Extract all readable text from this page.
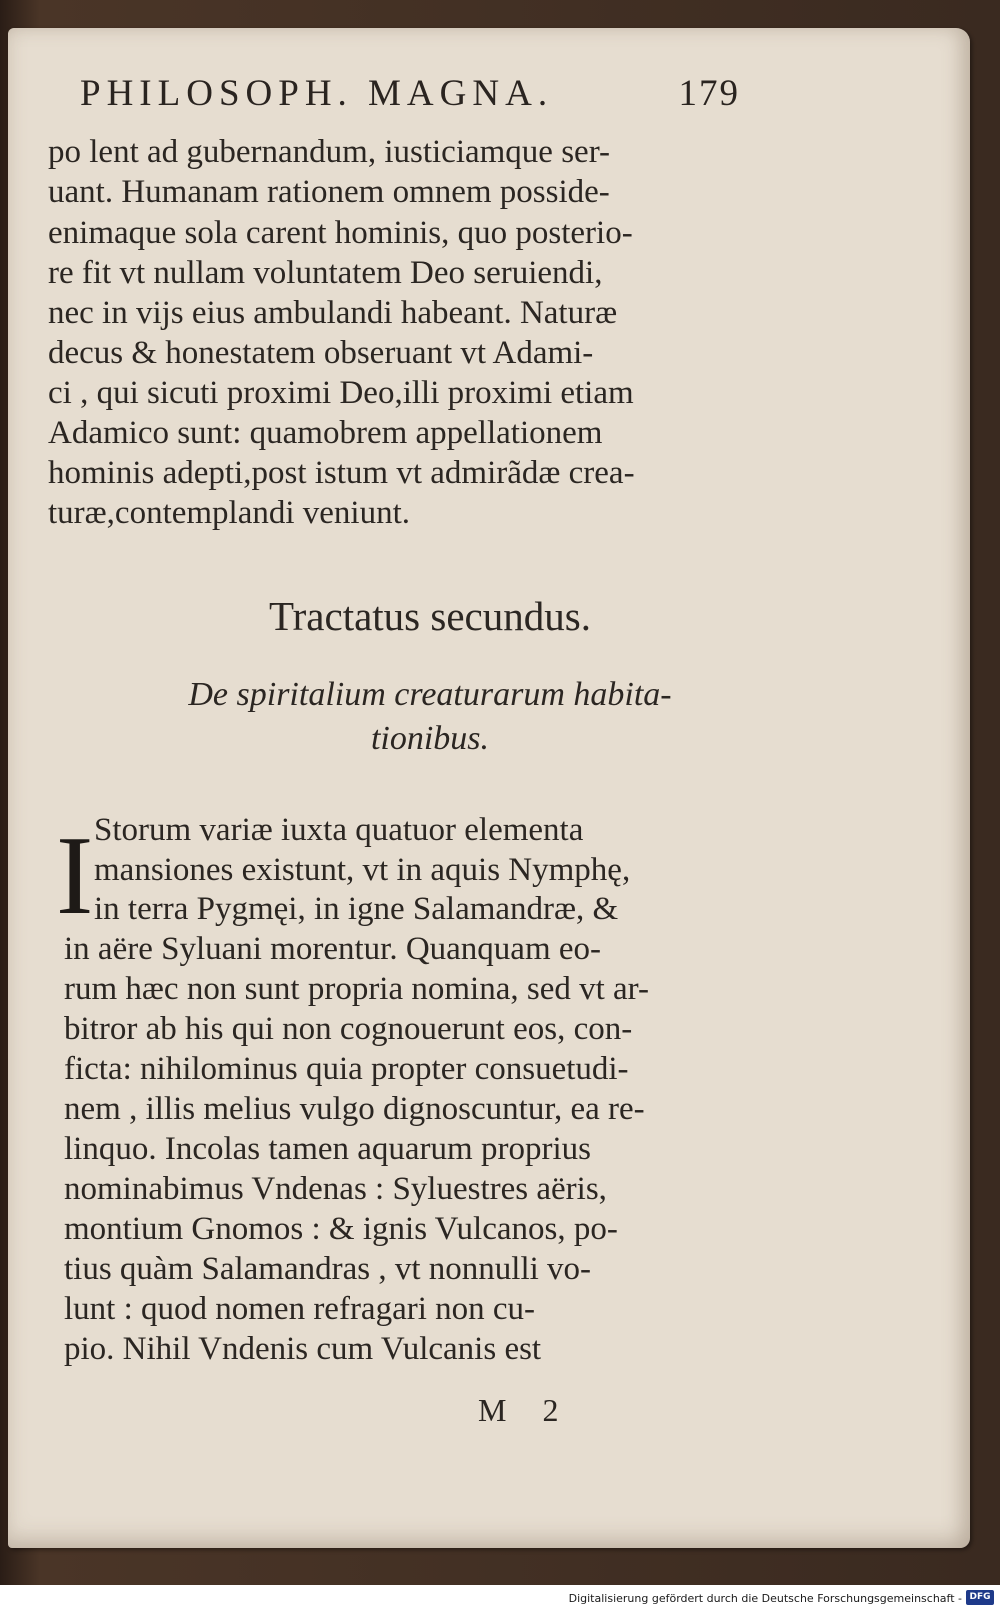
PHILOSOPH. MAGNA.	179
po lent ad gubernandum, iusticiamque ser-
uant. Humanam rationem omnem posside-
enimaque sola carent hominis, quo posterio-
re fit vt nullam voluntatem Deo seruiendi,
nec in vijs eius ambulandi habeant. Naturæ
decus & honestatem obseruant vt Adami-
ci , qui sicuti proximi Deo,illi proximi etiam
Adamico sunt: quamobrem appellationem
hominis adepti,post istum vt admirãdæ crea-
turæ,contemplandi veniunt.
Tractatus secundus.
De spiritalium creaturarum habita-
tionibus.
I Storum variæ iuxta quatuor elementa
mansiones existunt, vt in aquis Nymphę,
in terra Pygmęi, in igne Salamandræ, &
in aëre Syluani morentur. Quanquam eo-
rum hæc non sunt propria nomina, sed vt ar-
bitror ab his qui non cognouerunt eos, con-
ficta: nihilominus quia propter consuetudi-
nem , illis melius vulgo dignoscuntur, ea re-
linquo. Incolas tamen aquarum proprius
nominabimus Vndenas : Syluestres aëris,
montium Gnomos : & ignis Vulcanos, po-
tius quàm Salamandras , vt nonnulli vo-
lunt : quod nomen refragari non cu-
pio. Nihil Vndenis cum Vulcanis est
M 2
Digitalisierung gefördert durch die Deutsche Forschungsgemeinschaft - DFG
